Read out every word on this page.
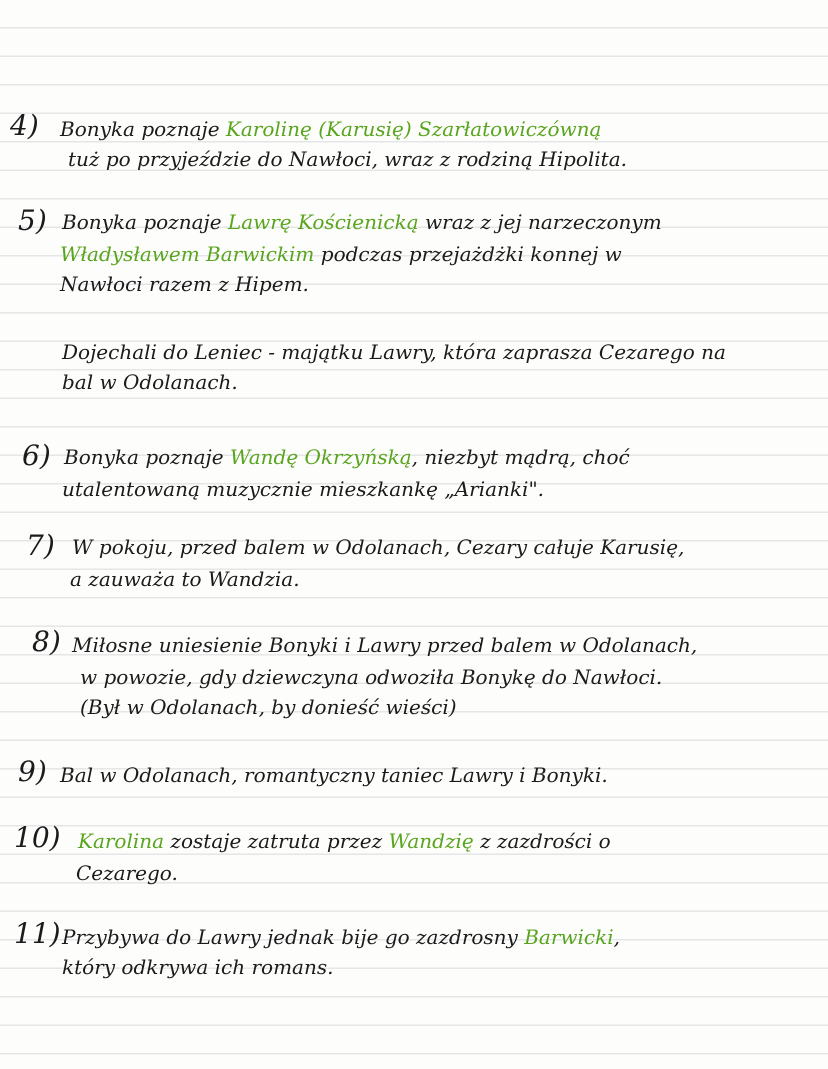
4) Bonyka poznaje Karolinę (Karusię) Szarłatowiczówną
tuż po przyjeździe do Nawłoci, wraz z rodziną Hipolita.
5) Bonyka poznaje Lawrę Kościenicką wraz z jej narzeczonym
Władysławem Barwickim podczas przejażdżki konnej w
Nawłoci razem z Hipem.
Dojechali do Leniec - majątku Lawry, która zaprasza Cezarego na
bal w Odolanach.
6) Bonyka poznaje Wandę Okrzyńską, niezbyt mądrą, choć
utalentowaną muzycznie mieszkankę „Arianki".
7) W pokoju, przed balem w Odolanach, Cezary całuje Karusię,
a zauważa to Wandzia.
8) Miłosne uniesienie Bonyki i Lawry przed balem w Odolanach,
w powozie, gdy dziewczyna odwoziła Bonykę do Nawłoci.
(Był w Odolanach, by donieść wieści)
9) Bal w Odolanach, romantyczny taniec Lawry i Bonyki.
10) Karolina zostaje zatruta przez Wandzię z zazdrości o
Cezarego.
11) Przybywa do Lawry jednak bije go zazdrosny Barwicki,
który odkrywa ich romans.
